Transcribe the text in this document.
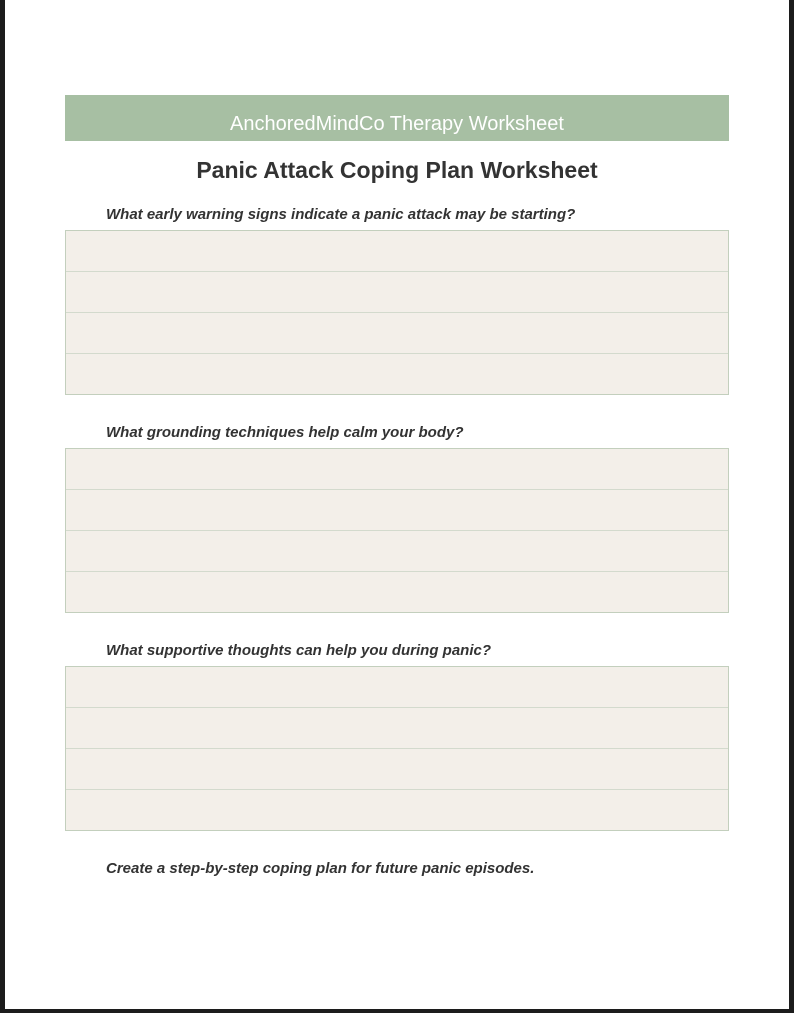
AnchoredMindCo Therapy Worksheet
Panic Attack Coping Plan Worksheet
What early warning signs indicate a panic attack may be starting?
What grounding techniques help calm your body?
What supportive thoughts can help you during panic?
Create a step-by-step coping plan for future panic episodes.
